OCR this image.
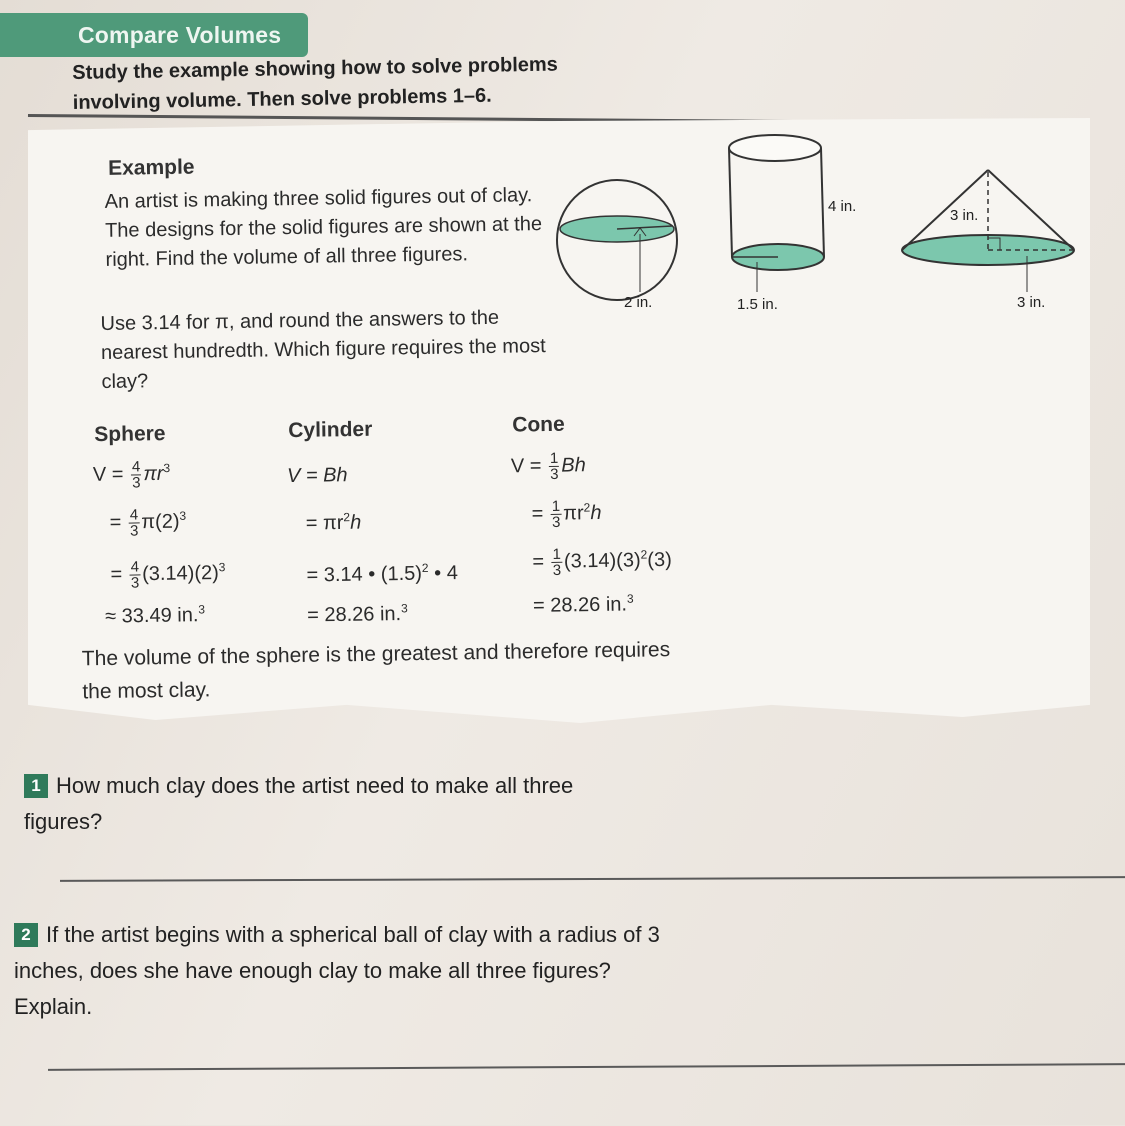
Compare Volumes
Study the example showing how to solve problems involving volume. Then solve problems 1–6.
Example
An artist is making three solid figures out of clay. The designs for the solid figures are shown at the right. Find the volume of all three figures.
Use 3.14 for π, and round the answers to the nearest hundredth. Which figure requires the most clay?
Sphere
$V = \frac{4}{3} \pi r^3$
= $\frac{4}{3} \pi(2)^3$
= $\frac{4}{3} (3.14)(2)^3$
≈ 33.49 in.$^3$
Cylinder
V = Bh
= $\pi r^2h$
= 3.14 • $(1.5)^2$ • 4
= 28.26 in.$^3$
Cone
$V = \frac{1}{3}$ Bh
= $\frac{1}{3} \pi r^2h$
= $\frac{1}{3} (3.14)(3)^2(3)$
= 28.26 in.$^3$
The volume of the sphere is the greatest and therefore requires the most clay.
2 in.
4 in.
1.5 in.
3 in.
3 in.
1 How much clay does the artist need to make all three figures?
2 If the artist begins with a spherical ball of clay with a radius of 3 inches, does she have enough clay to make all three figures? Explain.
